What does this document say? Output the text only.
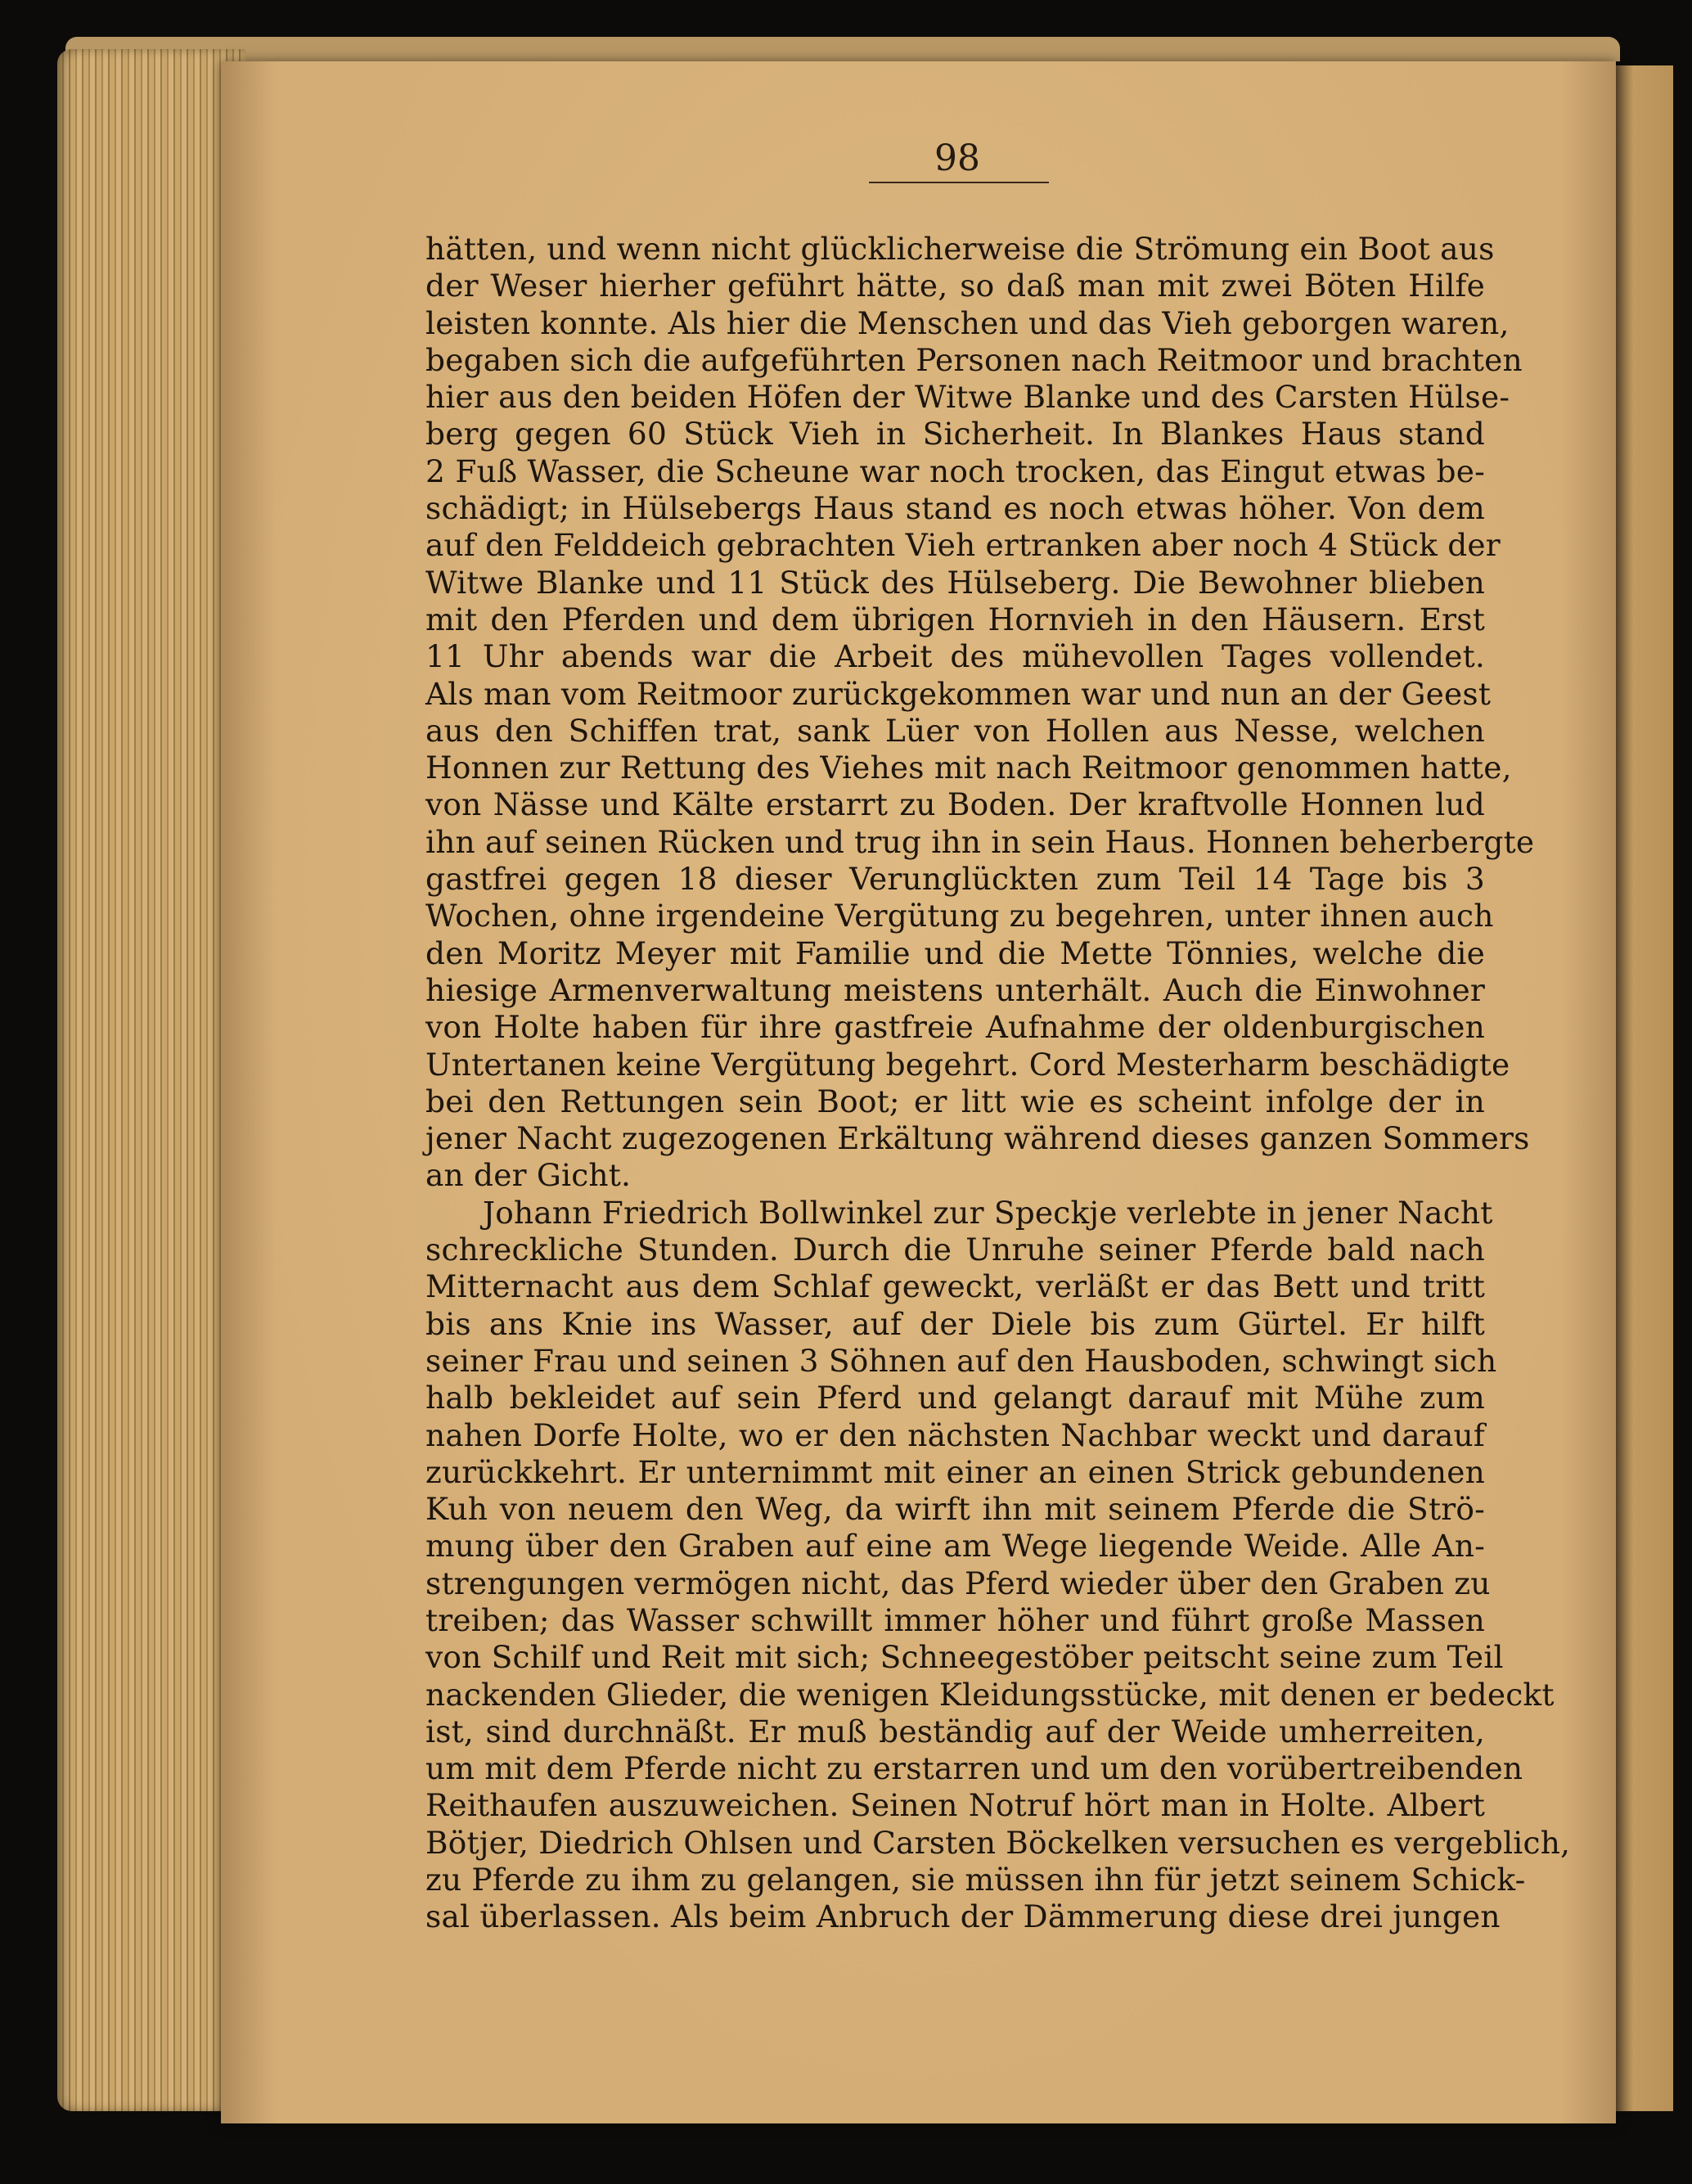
98
hätten, und wenn nicht glücklicherweise die Strömung ein Boot aus
der Weser hierher geführt hätte, so daß man mit zwei Böten Hilfe
leisten konnte. Als hier die Menschen und das Vieh geborgen waren,
begaben sich die aufgeführten Personen nach Reitmoor und brachten
hier aus den beiden Höfen der Witwe Blanke und des Carsten Hülse-
berg gegen 60 Stück Vieh in Sicherheit. In Blankes Haus stand
2 Fuß Wasser, die Scheune war noch trocken, das Eingut etwas be-
schädigt; in Hülsebergs Haus stand es noch etwas höher. Von dem
auf den Felddeich gebrachten Vieh ertranken aber noch 4 Stück der
Witwe Blanke und 11 Stück des Hülseberg. Die Bewohner blieben
mit den Pferden und dem übrigen Hornvieh in den Häusern. Erst
11 Uhr abends war die Arbeit des mühevollen Tages vollendet.
Als man vom Reitmoor zurückgekommen war und nun an der Geest
aus den Schiffen trat, sank Lüer von Hollen aus Nesse, welchen
Honnen zur Rettung des Viehes mit nach Reitmoor genommen hatte,
von Nässe und Kälte erstarrt zu Boden. Der kraftvolle Honnen lud
ihn auf seinen Rücken und trug ihn in sein Haus. Honnen beherbergte
gastfrei gegen 18 dieser Verunglückten zum Teil 14 Tage bis 3
Wochen, ohne irgendeine Vergütung zu begehren, unter ihnen auch
den Moritz Meyer mit Familie und die Mette Tönnies, welche die
hiesige Armenverwaltung meistens unterhält. Auch die Einwohner
von Holte haben für ihre gastfreie Aufnahme der oldenburgischen
Untertanen keine Vergütung begehrt. Cord Mesterharm beschädigte
bei den Rettungen sein Boot; er litt wie es scheint infolge der in
jener Nacht zugezogenen Erkältung während dieses ganzen Sommers
an der Gicht.
Johann Friedrich Bollwinkel zur Speckje verlebte in jener Nacht
schreckliche Stunden. Durch die Unruhe seiner Pferde bald nach
Mitternacht aus dem Schlaf geweckt, verläßt er das Bett und tritt
bis ans Knie ins Wasser, auf der Diele bis zum Gürtel. Er hilft
seiner Frau und seinen 3 Söhnen auf den Hausboden, schwingt sich
halb bekleidet auf sein Pferd und gelangt darauf mit Mühe zum
nahen Dorfe Holte, wo er den nächsten Nachbar weckt und darauf
zurückkehrt. Er unternimmt mit einer an einen Strick gebundenen
Kuh von neuem den Weg, da wirft ihn mit seinem Pferde die Strö-
mung über den Graben auf eine am Wege liegende Weide. Alle An-
strengungen vermögen nicht, das Pferd wieder über den Graben zu
treiben; das Wasser schwillt immer höher und führt große Massen
von Schilf und Reit mit sich; Schneegestöber peitscht seine zum Teil
nackenden Glieder, die wenigen Kleidungsstücke, mit denen er bedeckt
ist, sind durchnäßt. Er muß beständig auf der Weide umherreiten,
um mit dem Pferde nicht zu erstarren und um den vorübertreibenden
Reithaufen auszuweichen. Seinen Notruf hört man in Holte. Albert
Bötjer, Diedrich Ohlsen und Carsten Böckelken versuchen es vergeblich,
zu Pferde zu ihm zu gelangen, sie müssen ihn für jetzt seinem Schick-
sal überlassen. Als beim Anbruch der Dämmerung diese drei jungen
